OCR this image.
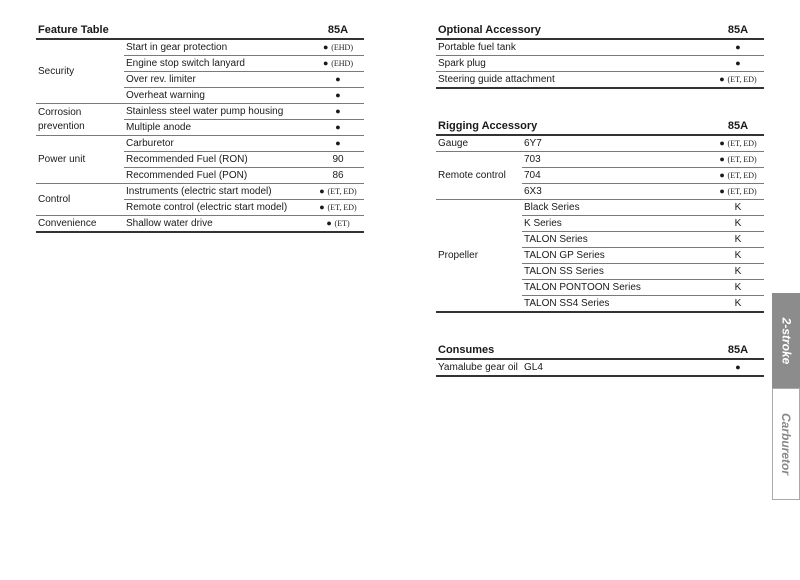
Feature Table		85A
Security	Start in gear protection	● (EHD)
	Engine stop switch lanyard	● (EHD)
	Over rev. limiter	●
	Overheat warning	●
Corrosion prevention	Stainless steel water pump housing	●
	Multiple anode	●
Power unit	Carburetor	●
	Recommended Fuel (RON)	90
	Recommended Fuel (PON)	86
Control	Instruments (electric start model)	● (ET, ED)
	Remote control (electric start model)	● (ET, ED)
Convenience	Shallow water drive	● (ET)
Optional Accessory	85A
Portable fuel tank	●
Spark plug	●
Steering guide attachment	● (ET, ED)
Rigging Accessory		85A
Gauge	6Y7	● (ET, ED)
Remote control	703	● (ET, ED)
	704	● (ET, ED)
	6X3	● (ET, ED)
Propeller	Black Series	K
	K Series	K
	TALON Series	K
	TALON GP Series	K
	TALON SS Series	K
	TALON PONTOON Series	K
	TALON SS4 Series	K
Consumes		85A
Yamalube gear oil	GL4	●
2-stroke
Carburetor
